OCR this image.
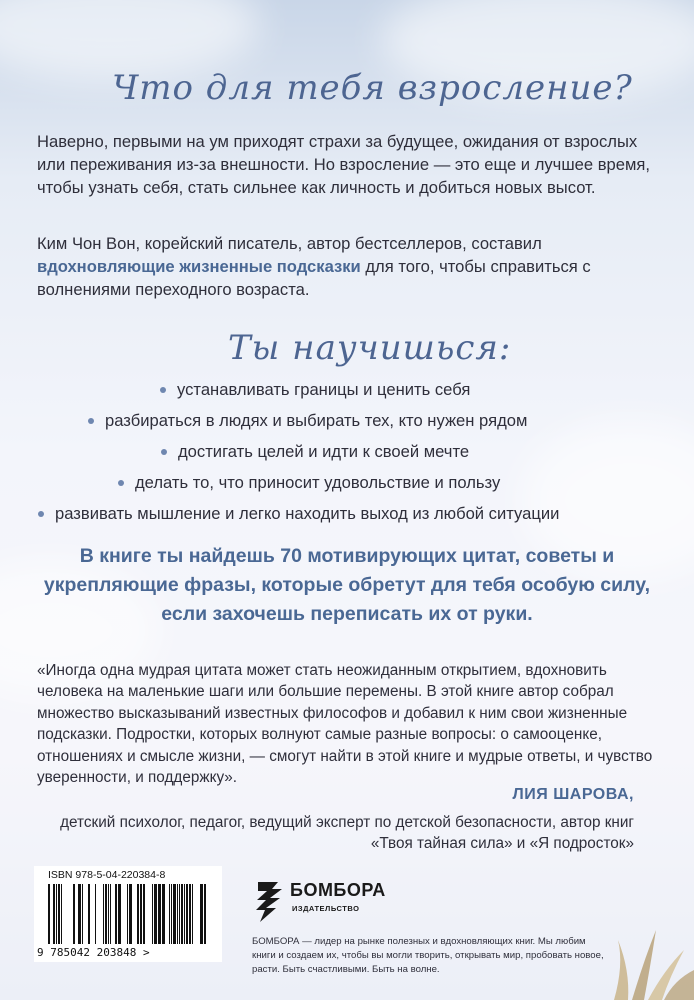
Что для тебя взросление?
Наверно, первыми на ум приходят страхи за будущее, ожидания от взрослых или переживания из-за внешности. Но взросление — это еще и лучшее время, чтобы узнать себя, стать сильнее как личность и добиться новых высот.
Ким Чон Вон, корейский писатель, автор бестселлеров, составил вдохновляющие жизненные подсказки для того, чтобы справиться с волнениями переходного возраста.
Ты научишься:
устанавливать границы и ценить себя
разбираться в людях и выбирать тех, кто нужен рядом
достигать целей и идти к своей мечте
делать то, что приносит удовольствие и пользу
развивать мышление и легко находить выход из любой ситуации
В книге ты найдешь 70 мотивирующих цитат, советы и укрепляющие фразы, которые обретут для тебя особую силу, если захочешь переписать их от руки.
«Иногда одна мудрая цитата может стать неожиданным открытием, вдохновить человека на маленькие шаги или большие перемены. В этой книге автор собрал множество высказываний известных философов и добавил к ним свои жизненные подсказки. Подростки, которых волнуют самые разные вопросы: о самооценке, отношениях и смысле жизни, — смогут найти в этой книге и мудрые ответы, и чувство уверенности, и поддержку».
ЛИЯ ШАРОВА,
детский психолог, педагог, ведущий эксперт по детской безопасности, автор книг «Твоя тайная сила» и «Я подросток»
ISBN 978-5-04-220384-8
9 785042 203848 >
БОМБОРА
ИЗДАТЕЛЬСТВО
БОМБОРА — лидер на рынке полезных и вдохновляющих книг. Мы любим книги и создаем их, чтобы вы могли творить, открывать мир, пробовать новое, расти. Быть счастливыми. Быть на волне.
